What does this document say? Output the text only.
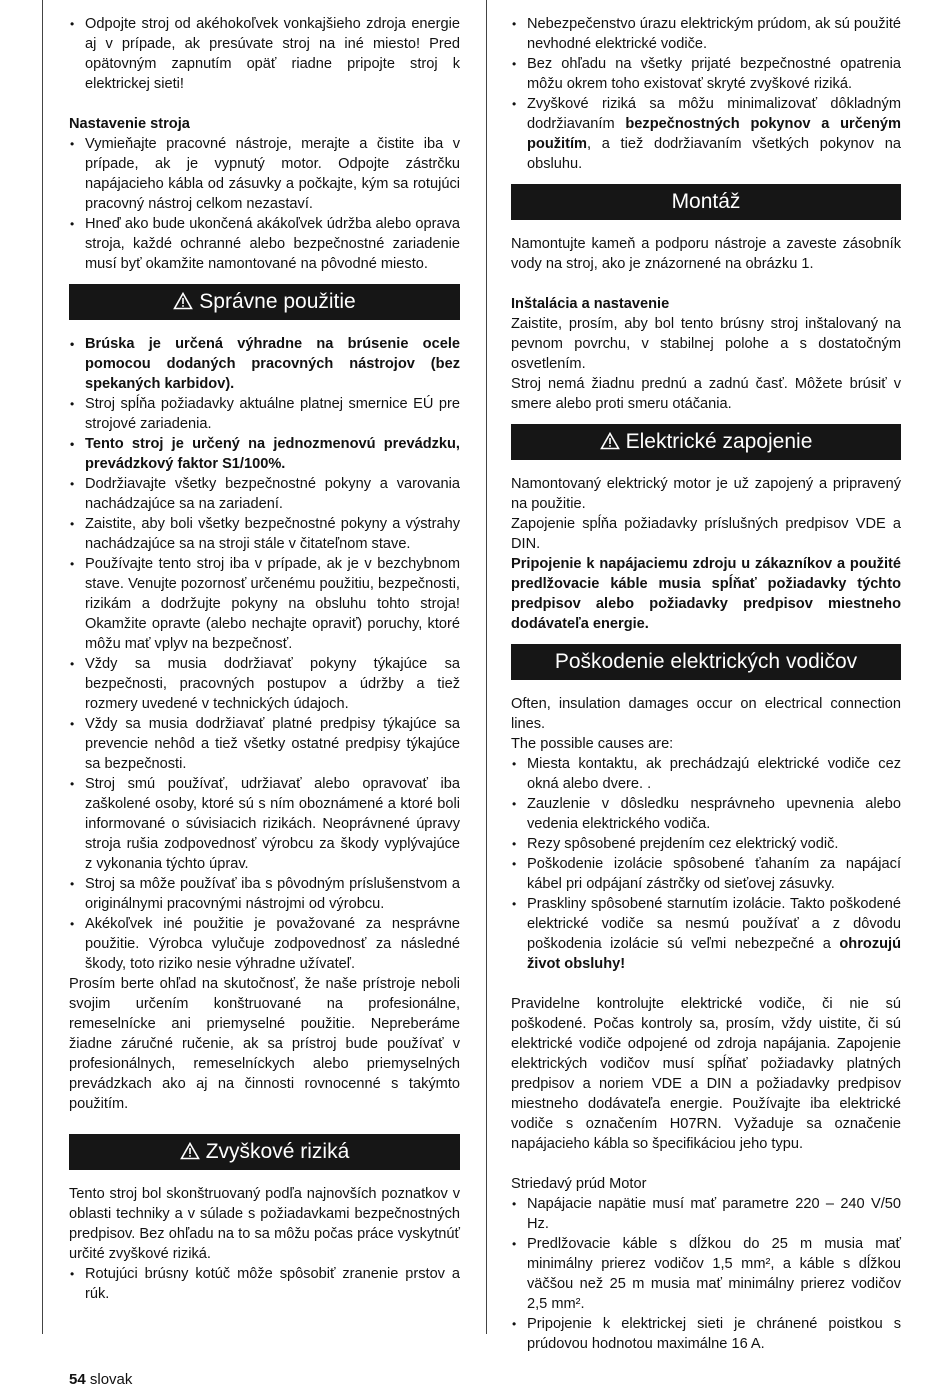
• Odpojte stroj od akéhokoľvek vonkajšieho zdroja energie aj v prípade, ak presúvate stroj na iné miesto! Pred opätovným zapnutím opäť riadne pripojte stroj k elektrickej sieti!

Nastavenie stroja

• Vymieňajte pracovné nástroje, merajte a čistite iba v prípade, ak je vypnutý motor. Odpojte zástrčku napájacieho kábla od zásuvky a počkajte, kým sa rotujúci pracovný nástroj celkom nezastaví.
• Hneď ako bude ukončená akákoľvek údržba alebo oprava stroja, každé ochranné alebo bezpečnostné zariadenie musí byť okamžite namontované na pôvodné miesto.
Správne použitie
• Brúska je určená výhradne na brúsenie ocele pomocou dodaných pracovných nástrojov (bez spekaných karbidov).
• Stroj spĺňa požiadavky aktuálne platnej smernice EÚ pre strojové zariadenia.
• Tento stroj je určený na jednozmenovú prevádzku, prevádzkový faktor S1/100%.
• Dodržiavajte všetky bezpečnostné pokyny a varovania nachádzajúce sa na zariadení.
• Zaistite, aby boli všetky bezpečnostné pokyny a výstrahy nachádzajúce sa na stroji stále v čitateľnom stave.
• Používajte tento stroj iba v prípade, ak je v bezchybnom stave. Venujte pozornosť určenému použitiu, bezpečnosti, rizikám a dodržujte pokyny na obsluhu tohto stroja! Okamžite opravte (alebo nechajte opraviť) poruchy, ktoré môžu mať vplyv na bezpečnosť.
• Vždy sa musia dodržiavať pokyny týkajúce sa bezpečnosti, pracovných postupov a údržby a tiež rozmery uvedené v technických údajoch.
• Vždy sa musia dodržiavať platné predpisy týkajúce sa prevencie nehôd a tiež všetky ostatné predpisy týkajúce sa bezpečnosti.
• Stroj smú používať, udržiavať alebo opravovať iba zaškolené osoby, ktoré sú s ním oboznámené a ktoré boli informované o súvisiacich rizikách. Neoprávnené úpravy stroja rušia zodpovednosť výrobcu za škody vyplývajúce z vykonania týchto úprav.
• Stroj sa môže používať iba s pôvodným príslušenstvom a originálnymi pracovnými nástrojmi od výrobcu.
• Akékoľvek iné použitie je považované za nesprávne použitie. Výrobca vylučuje zodpovednosť za následné škody, toto riziko nesie výhradne užívateľ.

Prosím berte ohľad na skutočnosť, že naše prístroje neboli svojim určením konštruované na profesionálne, remeselnícke ani priemyselné použitie. Nepreberáme žiadne záručné ručenie, ak sa prístroj bude používať v profesionálnych, remeselníckych alebo priemyselných prevádzkach ako aj na činnosti rovnocenné s takýmto použitím.

Zvyškové riziká

Tento stroj bol skonštruovaný podľa najnovších poznatkov v oblasti techniky a v súlade s požiadavkami bezpečnostných predpisov. Bez ohľadu na to sa môžu počas práce vyskytnúť určité zvyškové riziká.

• Rotujúci brúsny kotúč môže spôsobiť zranenie prstov a rúk.
• Nebezpečenstvo úrazu elektrickým prúdom, ak sú použité nevhodné elektrické vodiče.
• Bez ohľadu na všetky prijaté bezpečnostné opatrenia môžu okrem toho existovať skryté zvyškové riziká.
• Zvyškové riziká sa môžu minimalizovať dôkladným dodržiavaním bezpečnostných pokynov a určeným použitím, a tiež dodržiavaním všetkých pokynov na obsluhu.
Montáž

Namontujte kameň a podporu nástroje a zaveste zásobník vody na stroj, ako je znázornené na obrázku 1.

Inštalácia a nastavenie

Zaistite, prosím, aby bol tento brúsny stroj inštalovaný na pevnom povrchu, v stabilnej polohe a s dostatočným osvetlením.

Stroj nemá žiadnu prednú a zadnú časť. Môžete brúsiť v smere alebo proti smeru otáčania.

Elektrické zapojenie

Namontovaný elektrický motor je už zapojený a pripravený na použitie.

Zapojenie spĺňa požiadavky príslušných predpisov VDE a DIN.

Pripojenie k napájaciemu zdroju u zákazníkov a použité predlžovacie káble musia spĺňať požiadavky týchto predpisov alebo požiadavky predpisov miestneho dodávateľa energie.

Poškodenie elektrických vodičov

Often, insulation damages occur on electrical connection lines.

The possible causes are:

• Miesta kontaktu, ak prechádzajú elektrické vodiče cez okná alebo dvere. .
• Zauzlenie v dôsledku nesprávneho upevnenia alebo vedenia elektrického vodiča.
• Rezy spôsobené prejdením cez elektrický vodič.
• Poškodenie izolácie spôsobené ťahaním za napájací kábel pri odpájaní zástrčky od sieťovej zásuvky.
• Praskliny spôsobené starnutím izolácie. Takto poškodené elektrické vodiče sa nesmú používať a z dôvodu poškodenia izolácie sú veľmi nebezpečné a ohrozujú život obsluhy!

Pravidelne kontrolujte elektrické vodiče, či nie sú poškodené. Počas kontroly sa, prosím, vždy uistite, či sú elektrické vodiče odpojené od zdroja napájania. Zapojenie elektrických vodičov musí spĺňať požiadavky platných predpisov a noriem VDE a DIN a požiadavky predpisov miestneho dodávateľa energie. Používajte iba elektrické vodiče s označením H07RN. Vyžaduje sa označenie napájacieho kábla so špecifikáciou jeho typu.

Striedavý prúd Motor

• Napájacie napätie musí mať parametre 220 – 240 V/50 Hz.
• Predlžovacie káble s dĺžkou do 25 m musia mať minimálny prierez vodičov 1,5 mm², a káble s dĺžkou väčšou než 25 m musia mať minimálny prierez vodičov 2,5 mm².
• Pripojenie k elektrickej sieti je chránené poistkou s prúdovou hodnotou maximálne 16 A.
54 slovak
